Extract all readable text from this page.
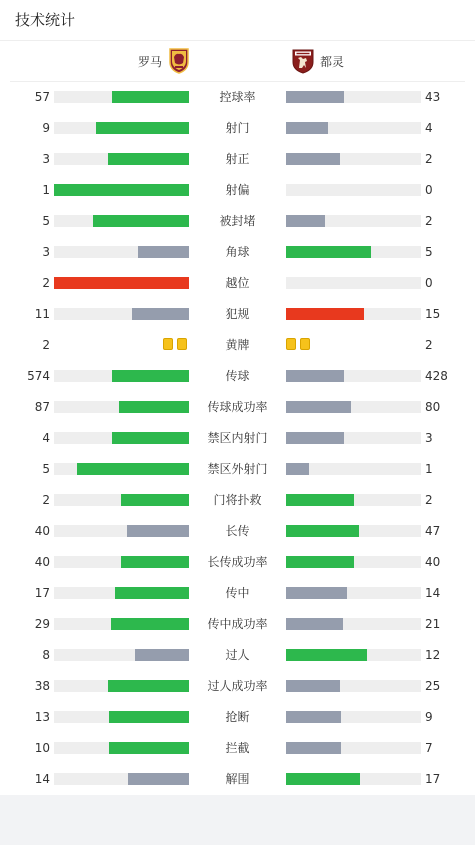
技术统计
罗马	都灵
57	控球率	43
9	射门	4
3	射正	2
1	射偏	0
5	被封堵	2
3	角球	5
2	越位	0
11	犯规	15
2	黄牌	2
574	传球	428
87	传球成功率	80
4	禁区内射门	3
5	禁区外射门	1
2	门将扑救	2
40	长传	47
40	长传成功率	40
17	传中	14
29	传中成功率	21
8	过人	12
38	过人成功率	25
13	抢断	9
10	拦截	7
14	解围	17
